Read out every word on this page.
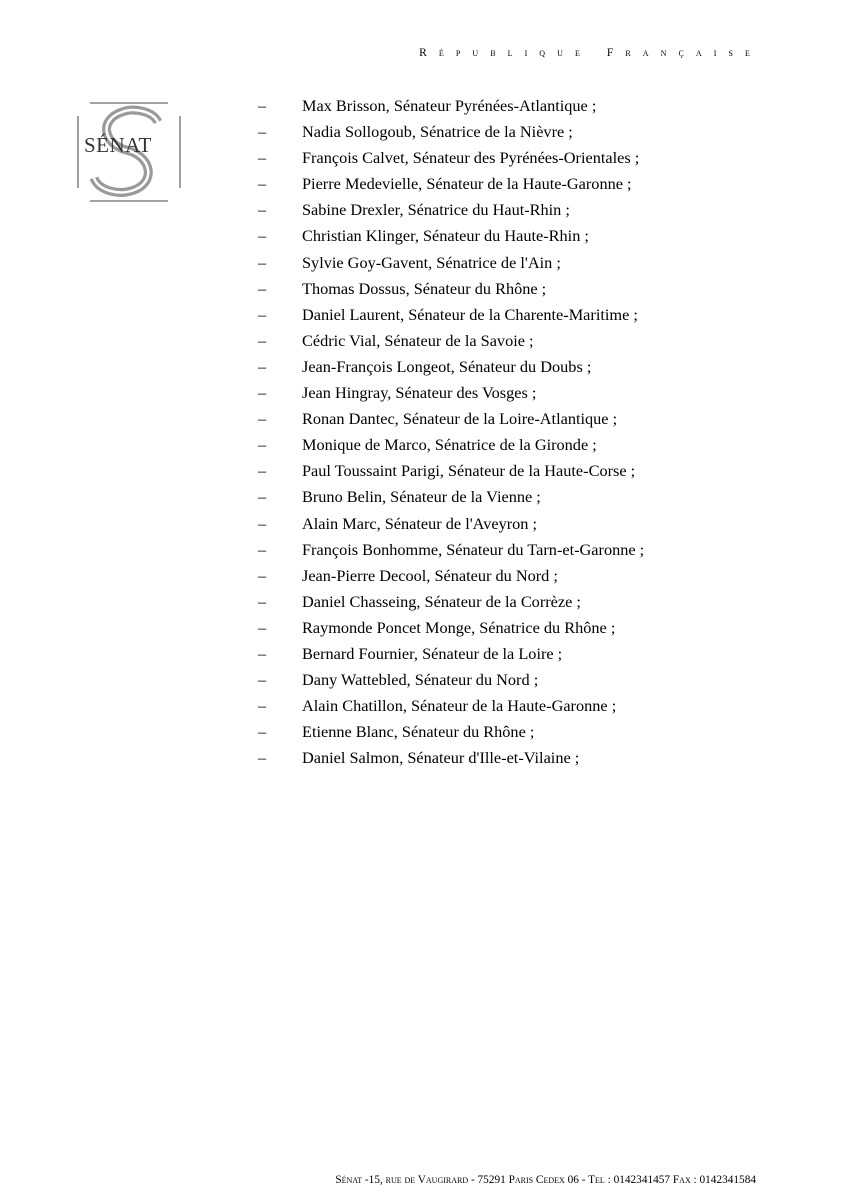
République Française
SÉNAT
–	Max Brisson, Sénateur Pyrénées-Atlantique ;
–	Nadia Sollogoub, Sénatrice de la Nièvre ;
–	François Calvet, Sénateur des Pyrénées-Orientales ;
–	Pierre Medevielle, Sénateur de la Haute-Garonne ;
–	Sabine Drexler, Sénatrice du Haut-Rhin ;
–	Christian Klinger, Sénateur du Haute-Rhin ;
–	Sylvie Goy-Gavent, Sénatrice de l'Ain ;
–	Thomas Dossus, Sénateur du Rhône ;
–	Daniel Laurent, Sénateur de la Charente-Maritime ;
–	Cédric Vial, Sénateur de la Savoie ;
–	Jean-François Longeot, Sénateur du Doubs ;
–	Jean Hingray, Sénateur des Vosges ;
–	Ronan Dantec, Sénateur de la Loire-Atlantique ;
–	Monique de Marco, Sénatrice de la Gironde ;
–	Paul Toussaint Parigi, Sénateur de la Haute-Corse ;
–	Bruno Belin, Sénateur de la Vienne ;
–	Alain Marc, Sénateur de l'Aveyron ;
–	François Bonhomme, Sénateur du Tarn-et-Garonne ;
–	Jean-Pierre Decool, Sénateur du Nord ;
–	Daniel Chasseing, Sénateur de la Corrèze ;
–	Raymonde Poncet Monge, Sénatrice du Rhône ;
–	Bernard Fournier, Sénateur de la Loire ;
–	Dany Wattebled, Sénateur du Nord ;
–	Alain Chatillon, Sénateur de la Haute-Garonne ;
–	Etienne Blanc, Sénateur du Rhône ;
–	Daniel Salmon, Sénateur d'Ille-et-Vilaine ;
Sénat -15, rue de Vaugirard - 75291 Paris Cedex 06 - Tel : 0142341457 Fax : 0142341584
